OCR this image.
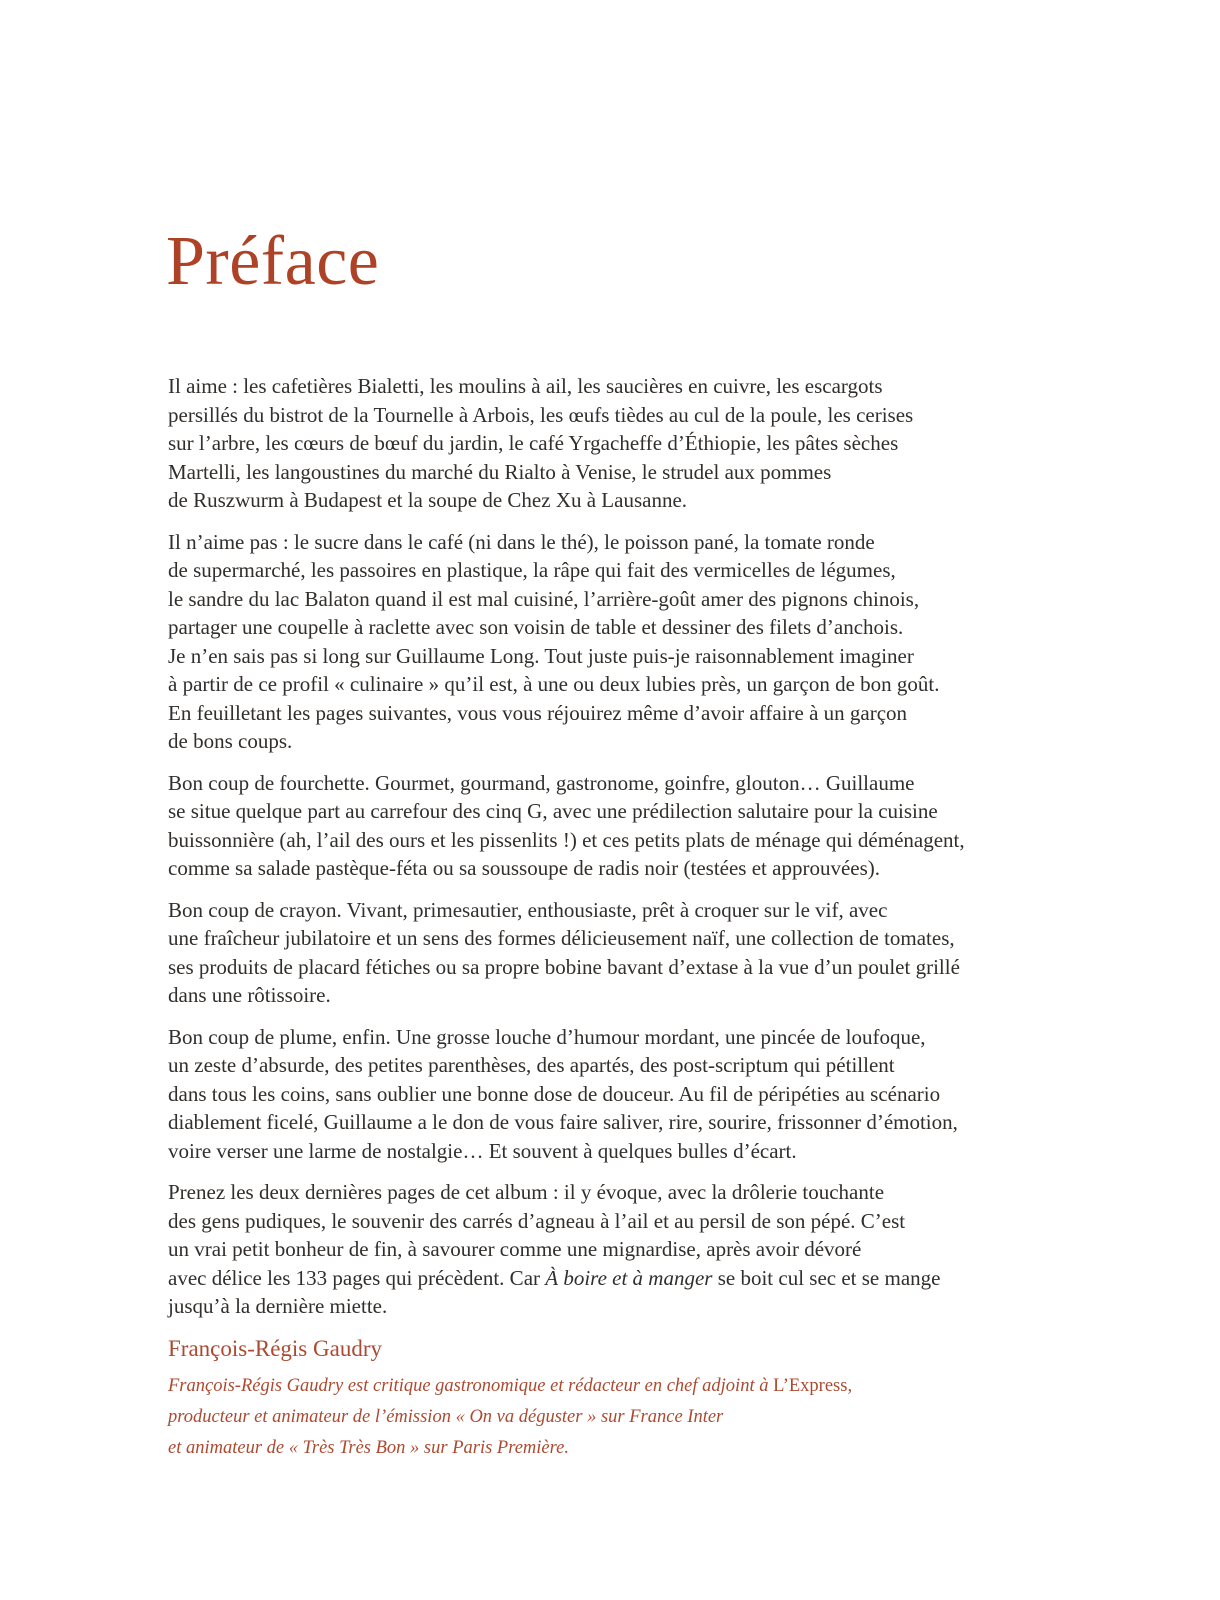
Préface

Il aime : les cafetières Bialetti, les moulins à ail, les saucières en cuivre, les escargots
persillés du bistrot de la Tournelle à Arbois, les œufs tièdes au cul de la poule, les cerises
sur l’arbre, les cœurs de bœuf du jardin, le café Yrgacheffe d’Éthiopie, les pâtes sèches
Martelli, les langoustines du marché du Rialto à Venise, le strudel aux pommes
de Ruszwurm à Budapest et la soupe de Chez Xu à Lausanne.

Il n’aime pas : le sucre dans le café (ni dans le thé), le poisson pané, la tomate ronde
de supermarché, les passoires en plastique, la râpe qui fait des vermicelles de légumes,
le sandre du lac Balaton quand il est mal cuisiné, l’arrière-goût amer des pignons chinois,
partager une coupelle à raclette avec son voisin de table et dessiner des filets d’anchois.
Je n’en sais pas si long sur Guillaume Long. Tout juste puis-je raisonnablement imaginer
à partir de ce profil « culinaire » qu’il est, à une ou deux lubies près, un garçon de bon goût.
En feuilletant les pages suivantes, vous vous réjouirez même d’avoir affaire à un garçon
de bons coups.

Bon coup de fourchette. Gourmet, gourmand, gastronome, goinfre, glouton… Guillaume
se situe quelque part au carrefour des cinq G, avec une prédilection salutaire pour la cuisine
buissonnière (ah, l’ail des ours et les pissenlits !) et ces petits plats de ménage qui déménagent,
comme sa salade pastèque-féta ou sa soussoupe de radis noir (testées et approuvées).

Bon coup de crayon. Vivant, primesautier, enthousiaste, prêt à croquer sur le vif, avec
une fraîcheur jubilatoire et un sens des formes délicieusement naïf, une collection de tomates,
ses produits de placard fétiches ou sa propre bobine bavant d’extase à la vue d’un poulet grillé
dans une rôtissoire.

Bon coup de plume, enfin. Une grosse louche d’humour mordant, une pincée de loufoque,
un zeste d’absurde, des petites parenthèses, des apartés, des post-scriptum qui pétillent
dans tous les coins, sans oublier une bonne dose de douceur. Au fil de péripéties au scénario
diablement ficelé, Guillaume a le don de vous faire saliver, rire, sourire, frissonner d’émotion,
voire verser une larme de nostalgie… Et souvent à quelques bulles d’écart.

Prenez les deux dernières pages de cet album : il y évoque, avec la drôlerie touchante
des gens pudiques, le souvenir des carrés d’agneau à l’ail et au persil de son pépé. C’est
un vrai petit bonheur de fin, à savourer comme une mignardise, après avoir dévoré
avec délice les 133 pages qui précèdent. Car À boire et à manger se boit cul sec et se mange
jusqu’à la dernière miette.

François-Régis Gaudry

François-Régis Gaudry est critique gastronomique et rédacteur en chef adjoint à L’Express,
producteur et animateur de l’émission « On va déguster » sur France Inter
et animateur de « Très Très Bon » sur Paris Première.
